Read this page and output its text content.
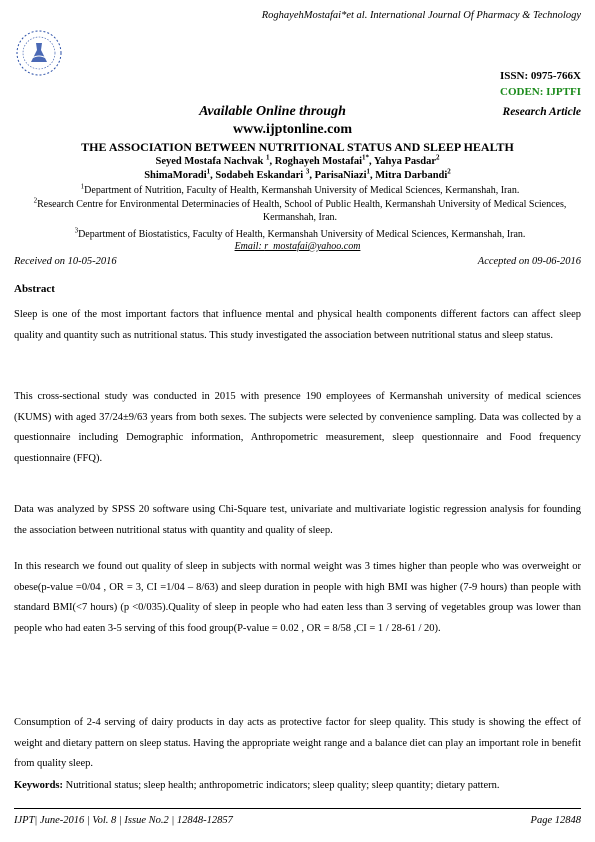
RoghayehMostafai*et al. International Journal Of Pharmacy & Technology
ISSN: 0975-766X
CODEN: IJPTFI
Available Online through	Research Article
www.ijptonline.com
THE ASSOCIATION BETWEEN NUTRITIONAL STATUS AND SLEEP HEALTH
Seyed Mostafa Nachvak $^1$, Roghayeh Mostafai$^{1*}$, Yahya Pasdar$^2$
ShimaMoradi$^1$, Sodabeh Eskandari $^3$, ParisaNiazi$^1$, Mitra Darbandi$^2$
$^1$Department of Nutrition, Faculty of Health, Kermanshah University of Medical Sciences, Kermanshah, Iran.
$^2$Research Centre for Environmental Determinacies of Health, School of Public Health, Kermanshah University of Medical Sciences, Kermanshah, Iran.
$^3$Department of Biostatistics, Faculty of Health, Kermanshah University of Medical Sciences, Kermanshah, Iran.
Email: r_mostafai@yahoo.com
Received on 10-05-2016	Accepted on 09-06-2016
Abstract
Sleep is one of the most important factors that influence mental and physical health components different factors can affect sleep quality and quantity such as nutritional status. This study investigated the association between nutritional status and sleep status.
This cross-sectional study was conducted in 2015 with presence 190 employees of Kermanshah university of medical sciences (KUMS) with aged 37/24±9/63 years from both sexes. The subjects were selected by convenience sampling. Data was collected by a questionnaire including Demographic information, Anthropometric measurement, sleep questionnaire and Food frequency questionnaire (FFQ).
Data was analyzed by SPSS 20 software using Chi-Square test, univariate and multivariate logistic regression analysis for founding the association between nutritional status with quantity and quality of sleep.
In this research we found out quality of sleep in subjects with normal weight was 3 times higher than people who was overweight or obese(p-value =0/04 , OR = 3, CI =1/04 – 8/63) and sleep duration in people with high BMI was higher (7-9 hours) than people with standard BMI(<7 hours) (p <0/035).Quality of sleep in people who had eaten less than 3 serving of vegetables group was lower than people who had eaten 3-5 serving of this food group(P-value = 0.02 , OR = 8/58 ,CI = 1 / 28-61 / 20).
Consumption of 2-4 serving of dairy products in day acts as protective factor for sleep quality. This study is showing the effect of weight and dietary pattern on sleep status. Having the appropriate weight range and a balance diet can play an important role in benefit from quality sleep.
Keywords: Nutritional status; sleep health; anthropometric indicators; sleep quality; sleep quantity; dietary pattern.
IJPT| June-2016 | Vol. 8 | Issue No.2 | 12848-12857	Page 12848
